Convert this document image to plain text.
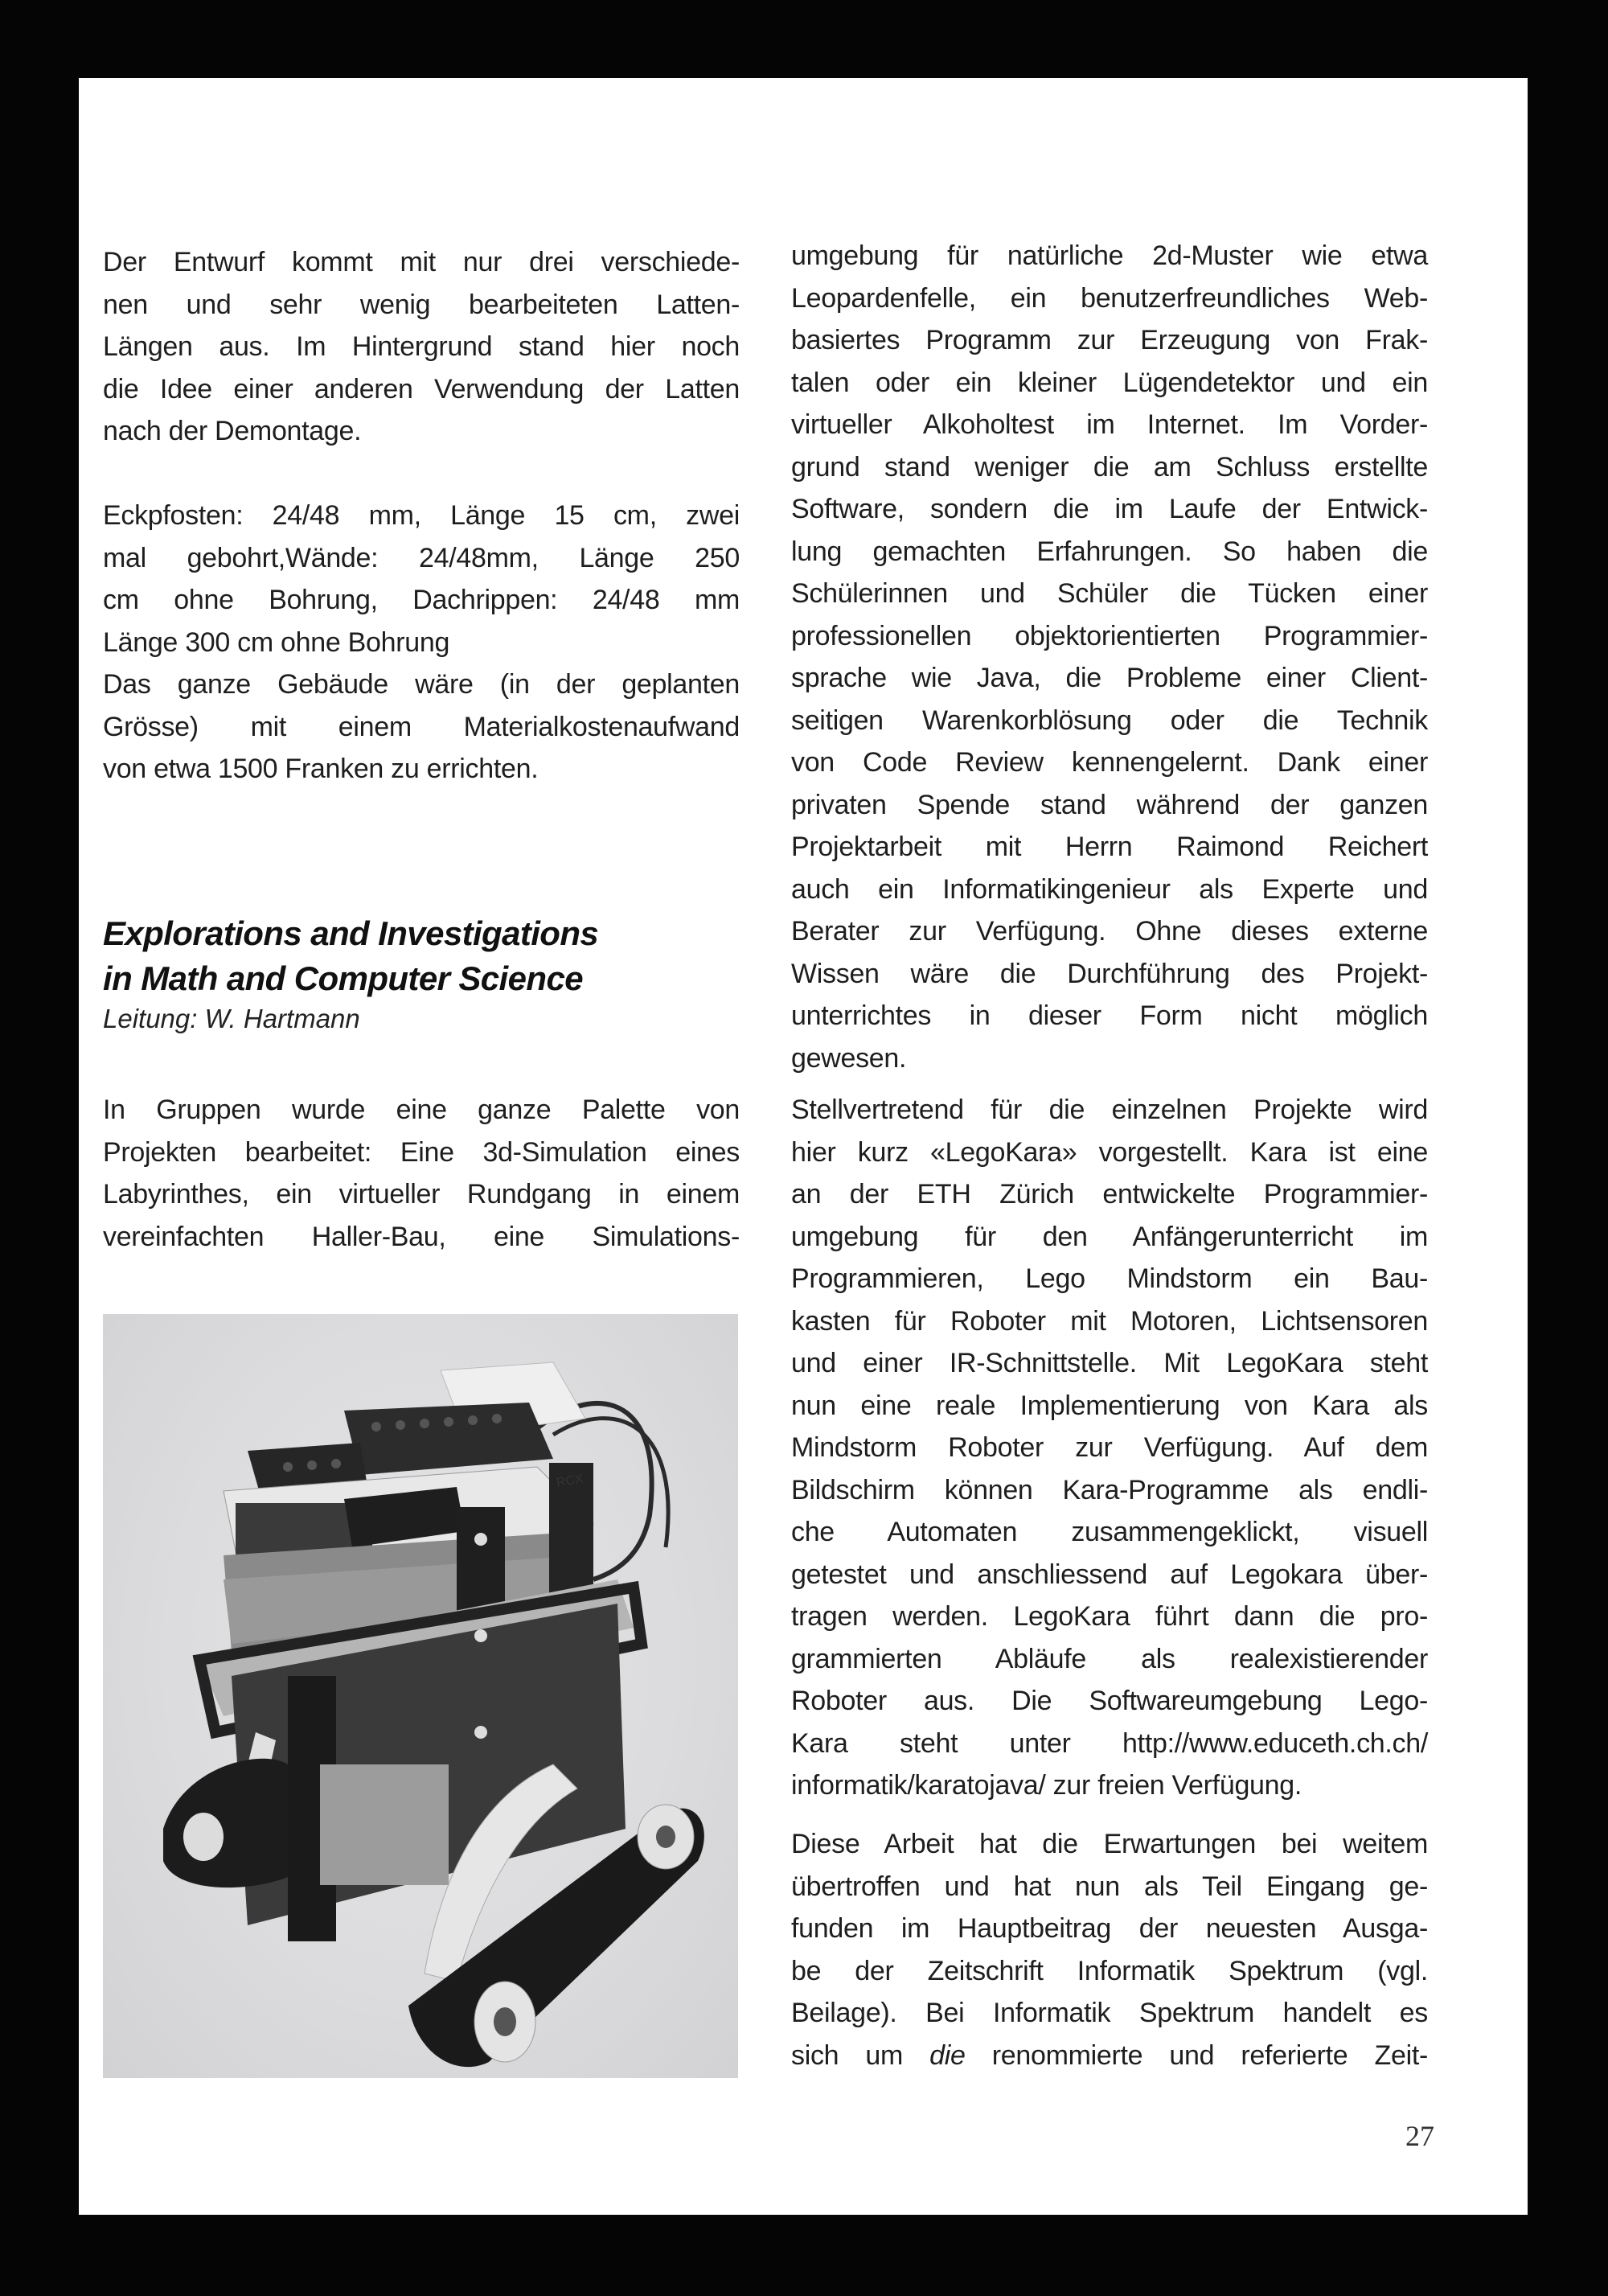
Der Entwurf kommt mit nur drei verschiede-
nen und sehr wenig bearbeiteten Latten-
Längen aus. Im Hintergrund stand hier noch
die Idee einer anderen Verwendung der Latten
nach der Demontage.
Eckpfosten: 24/48 mm, Länge 15 cm, zwei
mal gebohrt,Wände: 24/48mm, Länge 250
cm ohne Bohrung, Dachrippen: 24/48 mm
Länge 300 cm ohne Bohrung
Das ganze Gebäude wäre (in der geplanten
Grösse) mit einem Materialkostenaufwand
von etwa 1500 Franken zu errichten.
Explorations and Investigations
in Math and Computer Science
Leitung: W. Hartmann
In Gruppen wurde eine ganze Palette von
Projekten bearbeitet: Eine 3d-Simulation eines
Labyrinthes, ein virtueller Rundgang in einem
vereinfachten Haller-Bau, eine Simulations-
RCX
umgebung für natürliche 2d-Muster wie etwa
Leopardenfelle, ein benutzerfreundliches Web-
basiertes Programm zur Erzeugung von Frak-
talen oder ein kleiner Lügendetektor und ein
virtueller Alkoholtest im Internet. Im Vorder-
grund stand weniger die am Schluss erstellte
Software, sondern die im Laufe der Entwick-
lung gemachten Erfahrungen. So haben die
Schülerinnen und Schüler die Tücken einer
professionellen objektorientierten Programmier-
sprache wie Java, die Probleme einer Client-
seitigen Warenkorblösung oder die Technik
von Code Review kennengelernt. Dank einer
privaten Spende stand während der ganzen
Projektarbeit mit Herrn Raimond Reichert
auch ein Informatikingenieur als Experte und
Berater zur Verfügung. Ohne dieses externe
Wissen wäre die Durchführung des Projekt-
unterrichtes in dieser Form nicht möglich
gewesen.
Stellvertretend für die einzelnen Projekte wird
hier kurz «LegoKara» vorgestellt. Kara ist eine
an der ETH Zürich entwickelte Programmier-
umgebung für den Anfängerunterricht im
Programmieren, Lego Mindstorm ein Bau-
kasten für Roboter mit Motoren, Lichtsensoren
und einer IR-Schnittstelle. Mit LegoKara steht
nun eine reale Implementierung von Kara als
Mindstorm Roboter zur Verfügung. Auf dem
Bildschirm können Kara-Programme als endli-
che Automaten zusammengeklickt, visuell
getestet und anschliessend auf Legokara über-
tragen werden. LegoKara führt dann die pro-
grammierten Abläufe als realexistierender
Roboter aus. Die Softwareumgebung Lego-
Kara steht unter http://www.educeth.ch.ch/
informatik/karatojava/ zur freien Verfügung.
Diese Arbeit hat die Erwartungen bei weitem
übertroffen und hat nun als Teil Eingang ge-
funden im Hauptbeitrag der neuesten Ausga-
be der Zeitschrift Informatik Spektrum (vgl.
Beilage). Bei Informatik Spektrum handelt es
sich um die renommierte und referierte Zeit-
27
